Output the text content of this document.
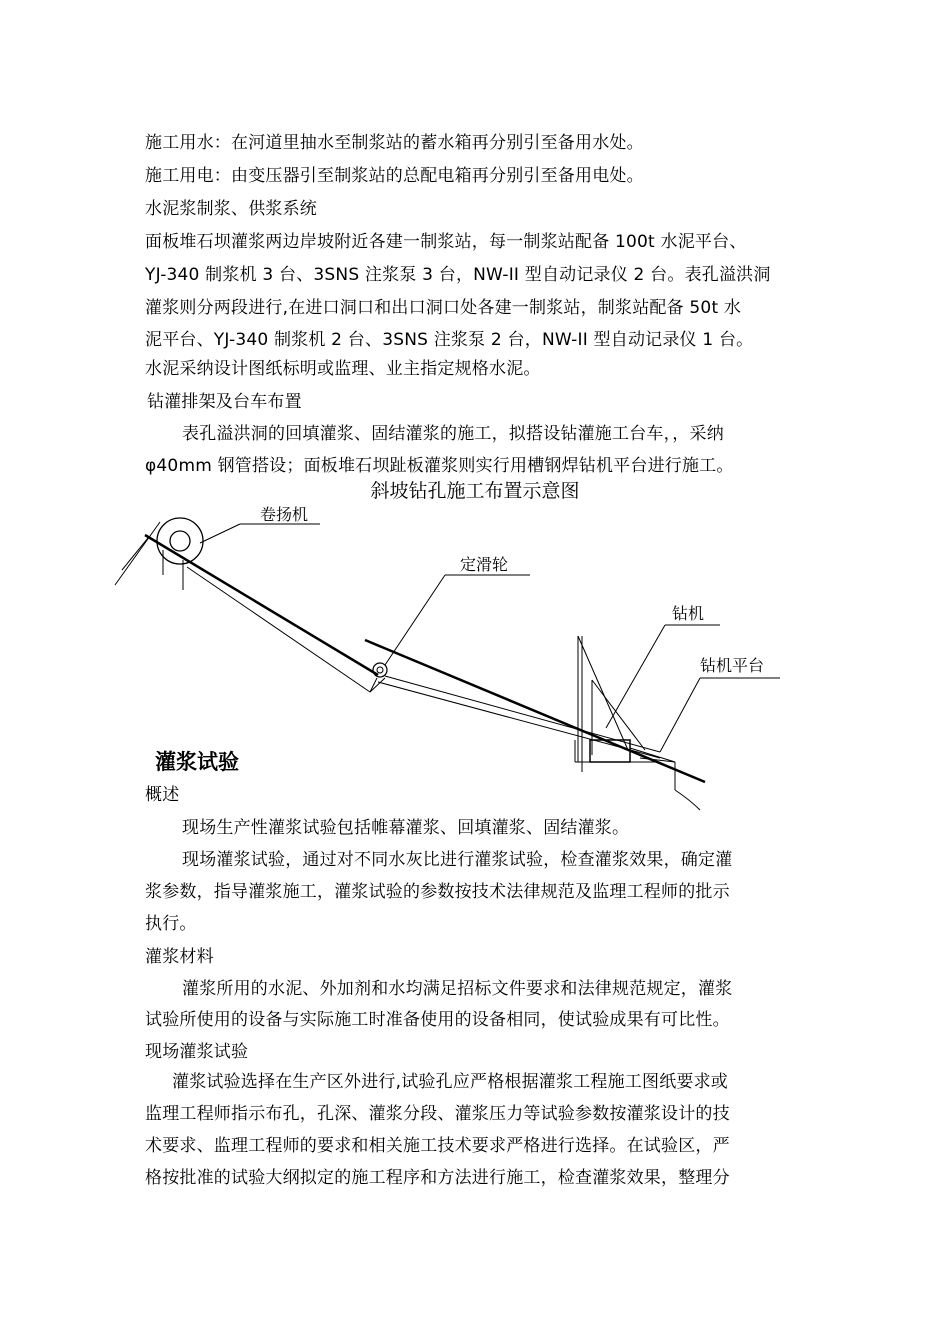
施工用水：在河道里抽水至制浆站的蓄水箱再分别引至备用水处。
施工用电：由变压器引至制浆站的总配电箱再分别引至备用电处。
水泥浆制浆、供浆系统
面板堆石坝灌浆两边岸坡附近各建一制浆站，每一制浆站配备 100t 水泥平台、
YJ-340 制浆机 3 台、3SNS 注浆泵 3 台，NW-II 型自动记录仪 2 台。表孔溢洪洞
灌浆则分两段进行,在进口洞口和出口洞口处各建一制浆站，制浆站配备 50t 水
泥平台、YJ-340 制浆机 2 台、3SNS 注浆泵 2 台，NW-II 型自动记录仪 1 台。
水泥采纳设计图纸标明或监理、业主指定规格水泥。
钻灌排架及台车布置
表孔溢洪洞的回填灌浆、固结灌浆的施工，拟搭设钻灌施工台车，，采纳
φ40mm 钢管搭设；面板堆石坝趾板灌浆则实行用槽钢焊钻机平台进行施工。
斜坡钻孔施工布置示意图
卷扬机
定滑轮
钻机
钻机平台
灌浆试验
概述
现场生产性灌浆试验包括帷幕灌浆、回填灌浆、固结灌浆。
现场灌浆试验，通过对不同水灰比进行灌浆试验，检查灌浆效果，确定灌
浆参数，指导灌浆施工，灌浆试验的参数按技术法律规范及监理工程师的批示
执行。
灌浆材料
灌浆所用的水泥、外加剂和水均满足招标文件要求和法律规范规定，灌浆
试验所使用的设备与实际施工时准备使用的设备相同，使试验成果有可比性。
现场灌浆试验
灌浆试验选择在生产区外进行,试验孔应严格根据灌浆工程施工图纸要求或
监理工程师指示布孔，孔深、灌浆分段、灌浆压力等试验参数按灌浆设计的技
术要求、监理工程师的要求和相关施工技术要求严格进行选择。在试验区，严
格按批准的试验大纲拟定的施工程序和方法进行施工，检查灌浆效果，整理分
